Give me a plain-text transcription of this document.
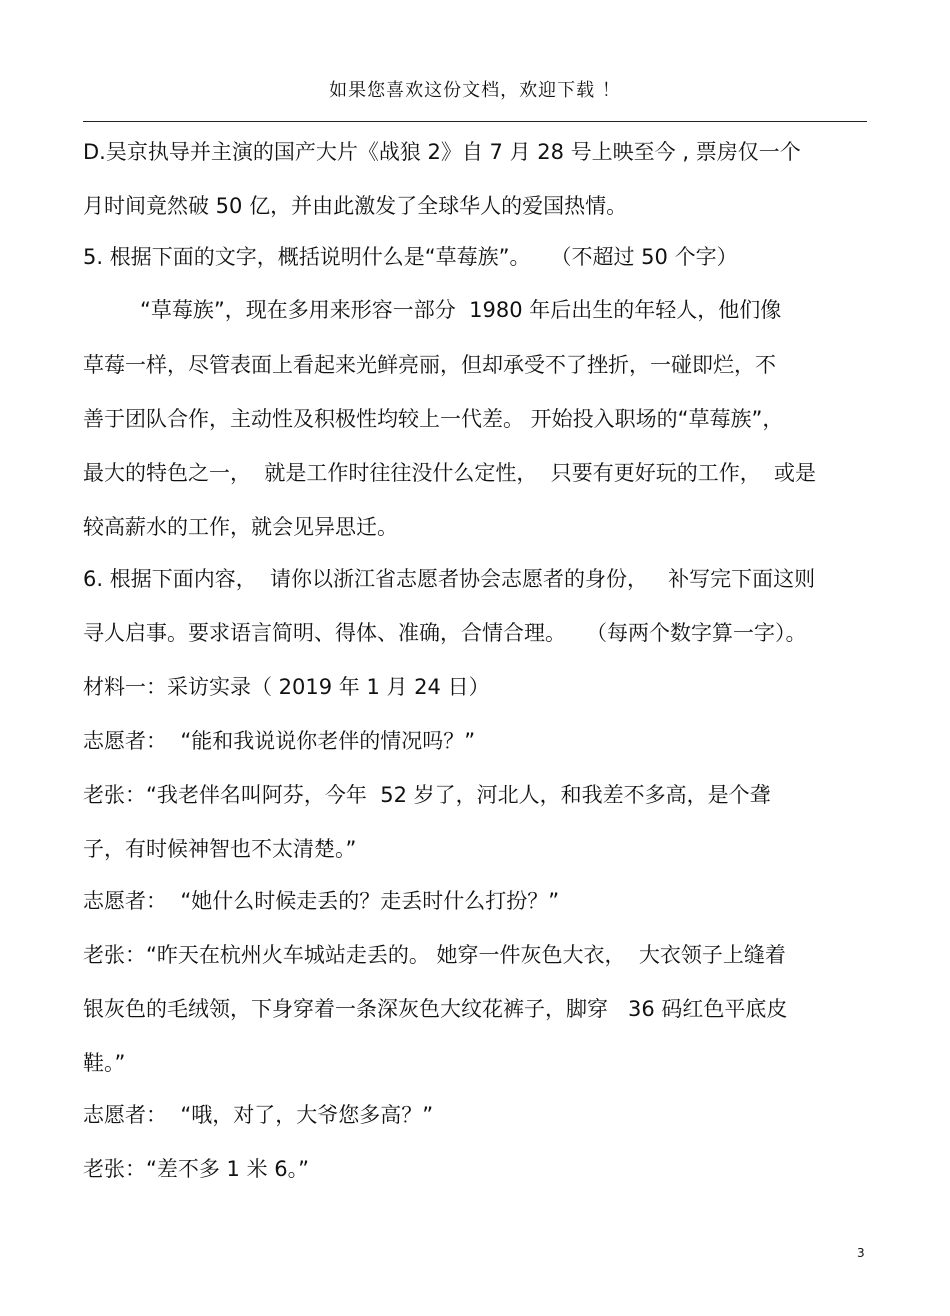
如果您喜欢这份文档，欢迎下载 ！
D.吴京执导并主演的国产大片《战狼 2》自 7 月 28 号上映至今 , 票房仅一个
月时间竟然破 50 亿，并由此激发了全球华人的爱国热情。
5. 根据下面的文字，概括说明什么是“草莓族”。   （不超过 50 个字）
“草莓族”，现在多用来形容一部分  1980 年后出生的年轻人，他们像
草莓一样，尽管表面上看起来光鲜亮丽，但却承受不了挫折，一碰即烂，不
善于团队合作，主动性及积极性均较上一代差。 开始投入职场的“草莓族”，
最大的特色之一，  就是工作时往往没什么定性，  只要有更好玩的工作，  或是
较高薪水的工作，就会见异思迁。
6. 根据下面内容，  请你以浙江省志愿者协会志愿者的身份，   补写完下面这则
寻人启事。要求语言简明、得体、准确，合情合理。   （每两个数字算一字）。
材料一：采访实录（ 2019 年 1 月 24 日）
志愿者：  “能和我说说你老伴的情况吗？”
老张：“我老伴名叫阿芬，今年  52 岁了，河北人，和我差不多高，是个聋
子，有时候神智也不太清楚。”
志愿者：  “她什么时候走丢的？走丢时什么打扮？”
老张：“昨天在杭州火车城站走丢的。 她穿一件灰色大衣，  大衣领子上缝着
银灰色的毛绒领，下身穿着一条深灰色大纹花裤子，脚穿   36 码红色平底皮
鞋。”
志愿者：  “哦，对了，大爷您多高？”
老张：“差不多 1 米 6。”
3
